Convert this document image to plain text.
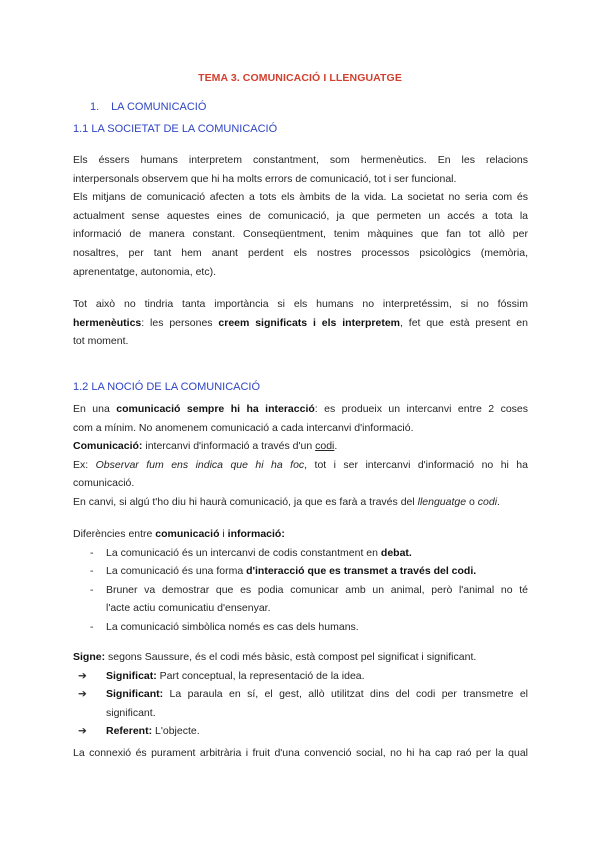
TEMA 3. COMUNICACIÓ I LLENGUATGE
1. LA COMUNICACIÓ
1.1 LA SOCIETAT DE LA COMUNICACIÓ
Els éssers humans interpretem constantment, som hermenèutics. En les relacions
interpersonals observem que hi ha molts errors de comunicació, tot i ser funcional.
Els mitjans de comunicació afecten a tots els àmbits de la vida. La societat no seria com és
actualment sense aquestes eines de comunicació, ja que permeten un accés a tota la
informació de manera constant. Conseqüentment, tenim màquines que fan tot allò per
nosaltres, per tant hem anant perdent els nostres processos psicològics (memòria,
aprenentatge, autonomia, etc).
Tot això no tindria tanta importància si els humans no interpretéssim, si no fóssim
hermenèutics: les persones creem significats i els interpretem, fet que està present en
tot moment.
1.2 LA NOCIÓ DE LA COMUNICACIÓ
En una comunicació sempre hi ha interacció: es produeix un intercanvi entre 2 coses
com a mínim. No anomenem comunicació a cada intercanvi d'informació.
Comunicació: intercanvi d'informació a través d'un codi.
Ex: Observar fum ens indica que hi ha foc, tot i ser intercanvi d'informació no hi ha
comunicació.
En canvi, si algú t'ho diu hi haurà comunicació, ja que es farà a través del llenguatge o codi.
Diferències entre comunicació i informació:
- La comunicació és un intercanvi de codis constantment en debat.
- La comunicació és una forma d'interacció que es transmet a través del codi.
- Bruner va demostrar que es podia comunicar amb un animal, però l'animal no té
l'acte actiu comunicatiu d'ensenyar.
- La comunicació simbòlica només es cas dels humans.
Signe: segons Saussure, és el codi més bàsic, està compost pel significat i significant.
➔ Significat: Part conceptual, la representació de la idea.
➔ Significant: La paraula en sí, el gest, allò utilitzat dins del codi per transmetre el
significant.
➔ Referent: L'objecte.
La connexió és purament arbitrària i fruit d'una convenció social, no hi ha cap raó per la qual
